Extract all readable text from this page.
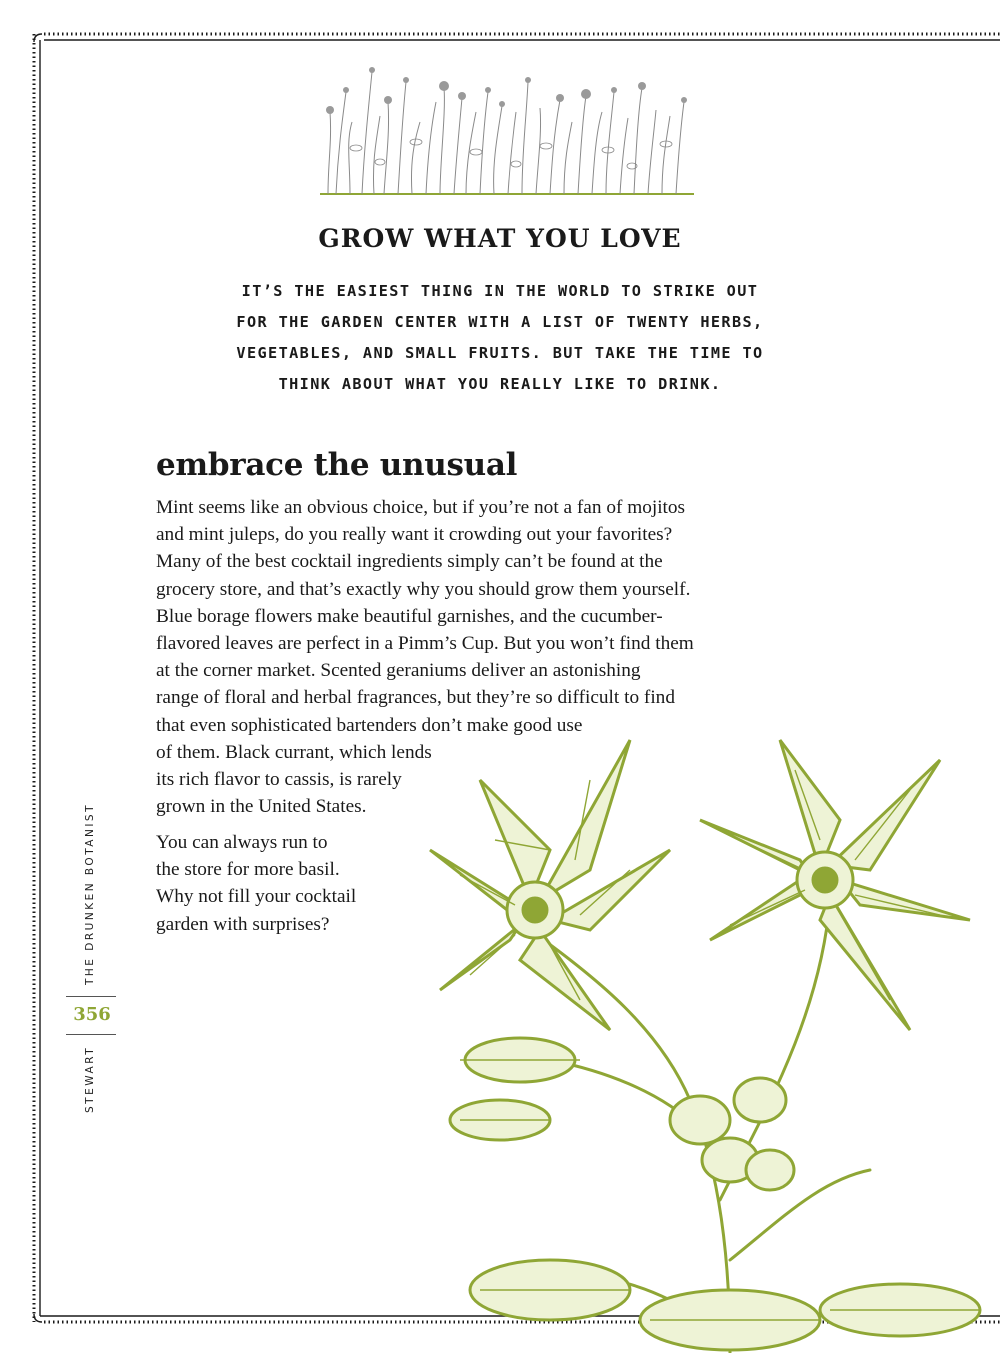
GROW WHAT YOU LOVE

IT’S THE EASIEST THING IN THE WORLD TO STRIKE OUT
FOR THE GARDEN CENTER WITH A LIST OF TWENTY HERBS,
VEGETABLES, AND SMALL FRUITS. BUT TAKE THE TIME TO
THINK ABOUT WHAT YOU REALLY LIKE TO DRINK.

embrace the unusual

Mint seems like an obvious choice, but if you’re not a fan of mojitos
and mint juleps, do you really want it crowding out your favorites?
Many of the best cocktail ingredients simply can’t be found at the
grocery store, and that’s exactly why you should grow them yourself.
Blue borage flowers make beautiful garnishes, and the cucumber-
flavored leaves are perfect in a Pimm’s Cup. But you won’t find them
at the corner market. Scented geraniums deliver an astonishing
range of floral and herbal fragrances, but they’re so difficult to find
that even sophisticated bartenders don’t make good use
of them. Black currant, which lends
its rich flavor to cassis, is rarely
grown in the United States.

You can always run to
the store for more basil.
Why not fill your cocktail
garden with surprises?

THE DRUNKEN BOTANIST
356
STEWART
